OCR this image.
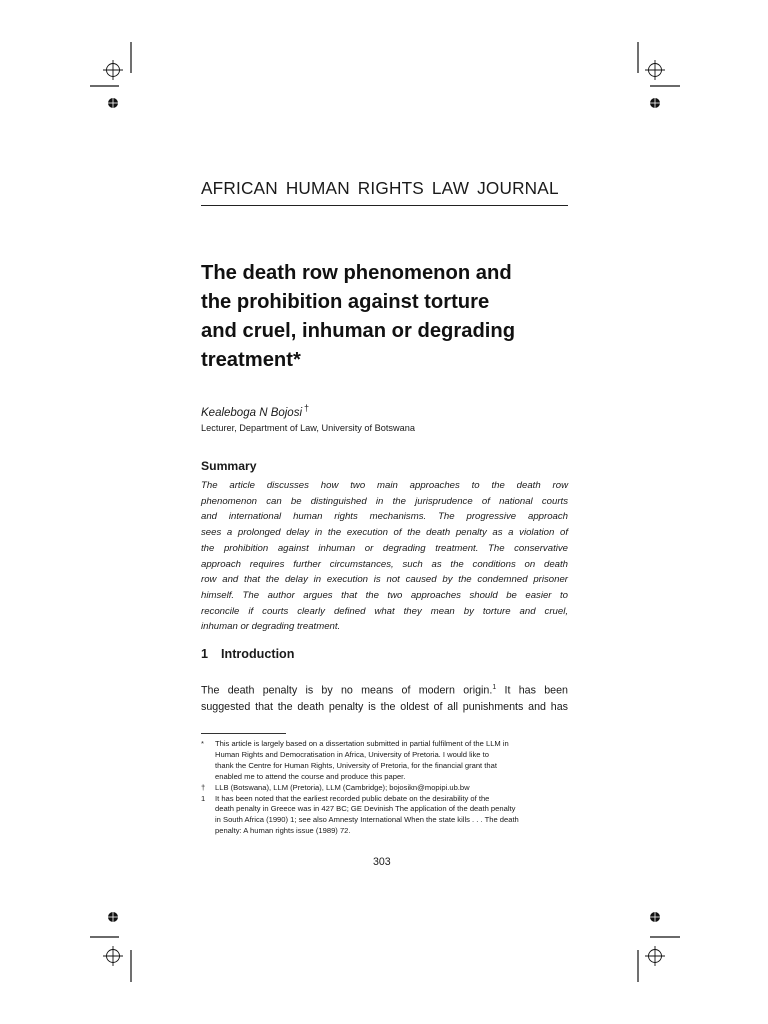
AFRICAN HUMAN RIGHTS LAW JOURNAL
The death row phenomenon and
the prohibition against torture
and cruel, inhuman or degrading
treatment*
Kealeboga N Bojosi †
Lecturer, Department of Law, University of Botswana
Summary
The article discusses how two main approaches to the death row
phenomenon can be distinguished in the jurisprudence of national courts
and international human rights mechanisms. The progressive approach
sees a prolonged delay in the execution of the death penalty as a violation of
the prohibition against inhuman or degrading treatment. The conservative
approach requires further circumstances, such as the conditions on death
row and that the delay in execution is not caused by the condemned prisoner
himself. The author argues that the two approaches should be easier to
reconcile if courts clearly defined what they mean by torture and cruel,
inhuman or degrading treatment.
1 Introduction
The death penalty is by no means of modern origin.$^1$ It has been
suggested that the death penalty is the oldest of all punishments and has
* This article is largely based on a dissertation submitted in partial fulfilment of the LLM in
Human Rights and Democratisation in Africa, University of Pretoria. I would like to
thank the Centre for Human Rights, University of Pretoria, for the financial grant that
enabled me to attend the course and produce this paper.
† LLB (Botswana), LLM (Pretoria), LLM (Cambridge); bojosikn@mopipi.ub.bw
1 It has been noted that the earliest recorded public debate on the desirability of the
death penalty in Greece was in 427 BC; GE Devinish The application of the death penalty
in South Africa (1990) 1; see also Amnesty International When the state kills . . . The death
penalty: A human rights issue (1989) 72.
303
